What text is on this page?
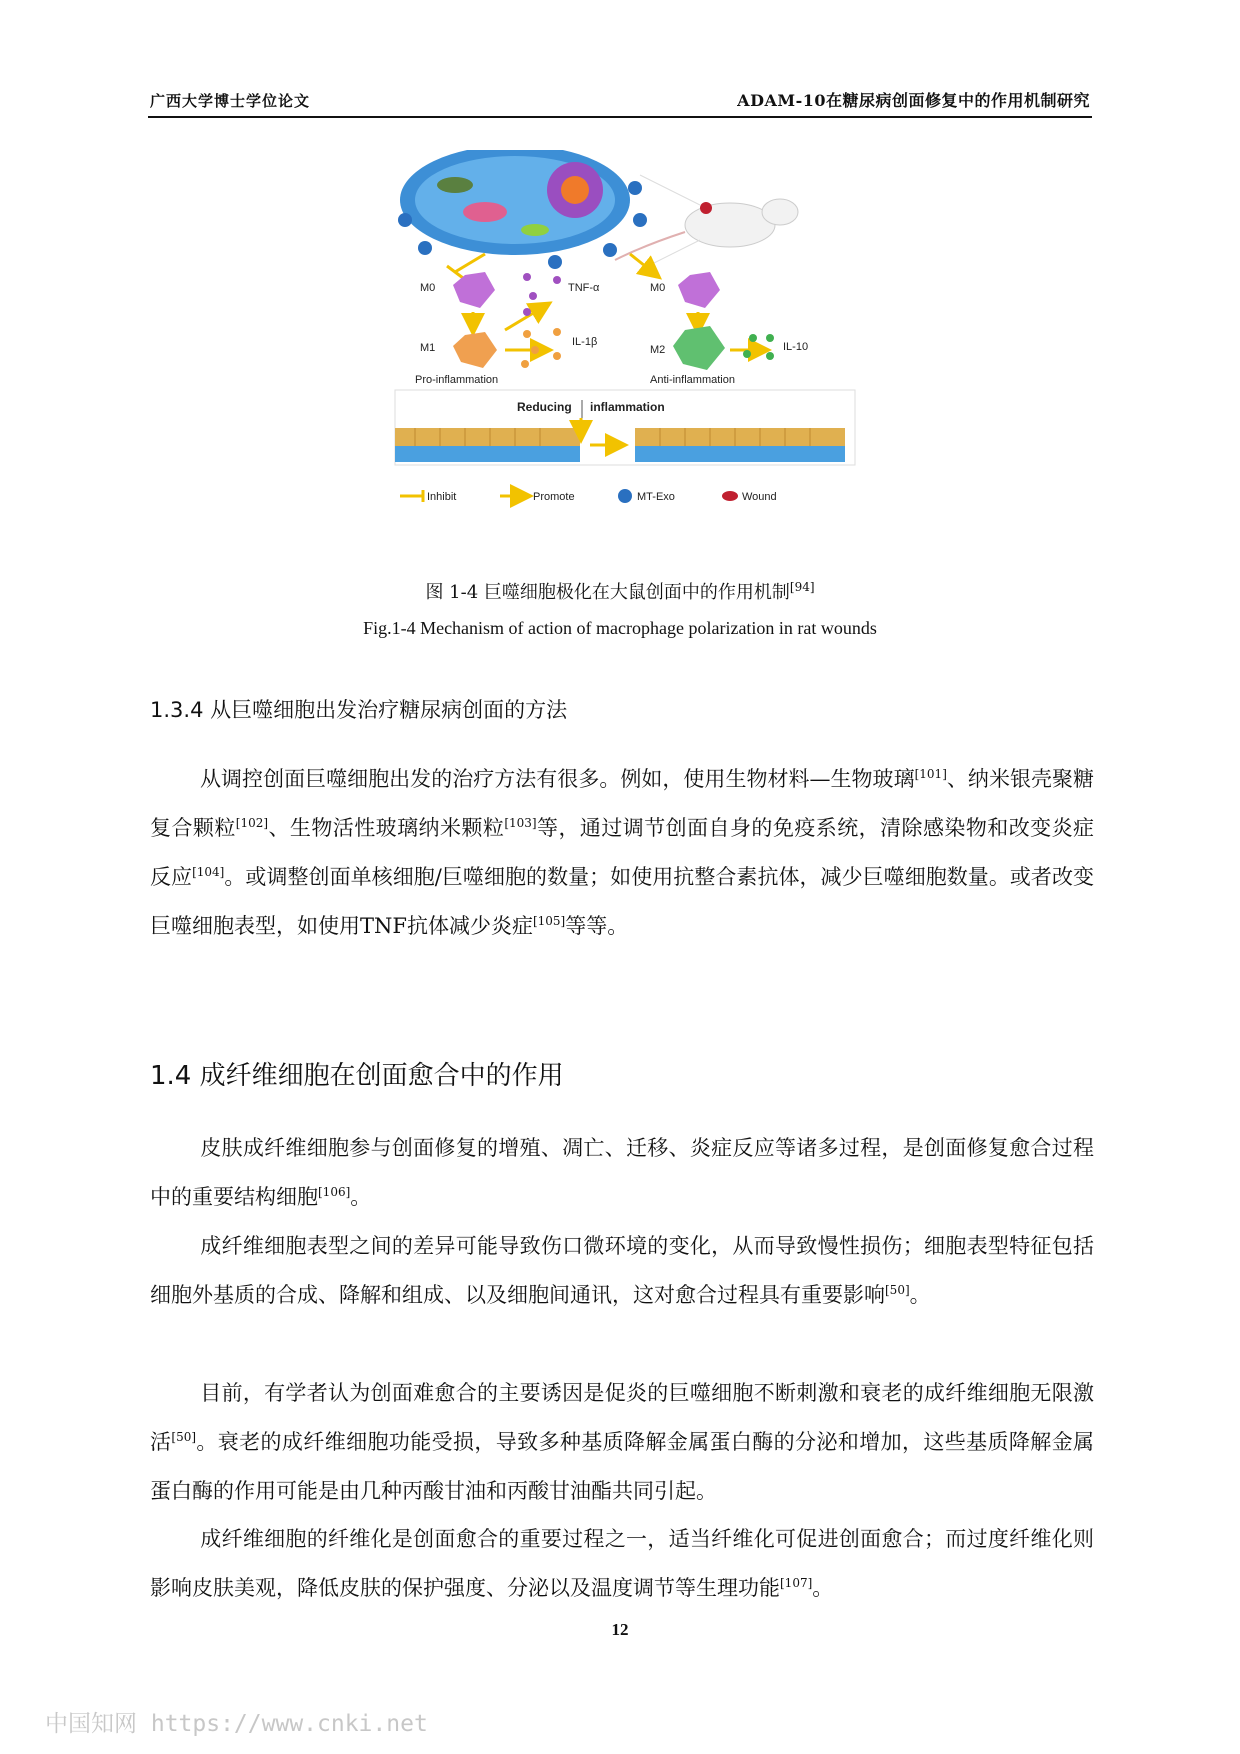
广西大学博士学位论文	ADAM-10在糖尿病创面修复中的作用机制研究
M0
M1
TNF-α
IL-1β
Pro-inflammation
M0
M2	IL-10
Anti-inflammation
Reducing inflammation
Inhibit	Promote	MT-Exo	Wound
图 1-4 巨噬细胞极化在大鼠创面中的作用机制[94]
Fig.1-4 Mechanism of action of macrophage polarization in rat wounds
1.3.4 从巨噬细胞出发治疗糖尿病创面的方法
从调控创面巨噬细胞出发的治疗方法有很多。例如，使用生物材料—生物玻璃[101]、纳米银壳聚糖复合颗粒[102]、生物活性玻璃纳米颗粒[103]等，通过调节创面自身的免疫系统，清除感染物和改变炎症反应[104]。或调整创面单核细胞/巨噬细胞的数量；如使用抗整合素抗体，减少巨噬细胞数量。或者改变巨噬细胞表型，如使用TNF抗体减少炎症[105]等等。
1.4 成纤维细胞在创面愈合中的作用
皮肤成纤维细胞参与创面修复的增殖、凋亡、迁移、炎症反应等诸多过程，是创面修复愈合过程中的重要结构细胞[106]。
成纤维细胞表型之间的差异可能导致伤口微环境的变化，从而导致慢性损伤；细胞表型特征包括细胞外基质的合成、降解和组成、以及细胞间通讯，这对愈合过程具有重要影响[50]。
目前，有学者认为创面难愈合的主要诱因是促炎的巨噬细胞不断刺激和衰老的成纤维细胞无限激活[50]。衰老的成纤维细胞功能受损，导致多种基质降解金属蛋白酶的分泌和增加，这些基质降解金属蛋白酶的作用可能是由几种丙酸甘油和丙酸甘油酯共同引起。
成纤维细胞的纤维化是创面愈合的重要过程之一，适当纤维化可促进创面愈合；而过度纤维化则影响皮肤美观，降低皮肤的保护强度、分泌以及温度调节等生理功能[107]。
12
中国知网 https://www.cnki.net
